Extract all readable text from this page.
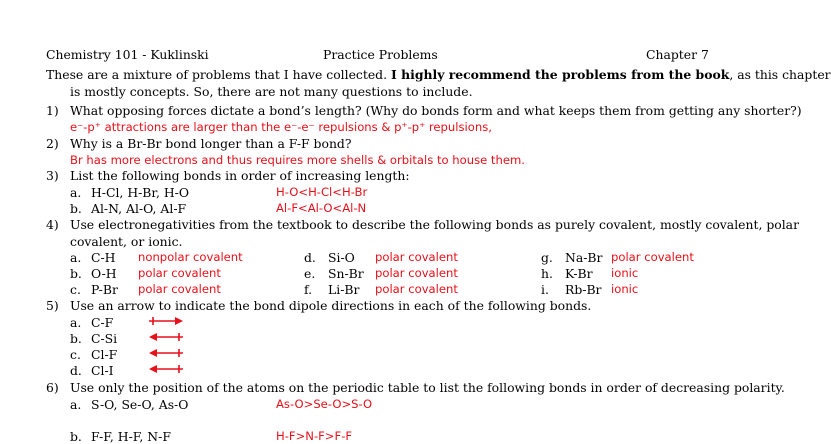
Chemistry 101 - Kuklinski	Practice Problems	Chapter 7
These are a mixture of problems that I have collected. I highly recommend the problems from the book, as this chapter
is mostly concepts. So, there are not many questions to include.
1) What opposing forces dictate a bond’s length? (Why do bonds form and what keeps them from getting any shorter?)
e⁻-p⁺ attractions are larger than the e⁻-e⁻ repulsions & p⁺-p⁺ repulsions,
2) Why is a Br-Br bond longer than a F-F bond?
Br has more electrons and thus requires more shells & orbitals to house them.
3) List the following bonds in order of increasing length:
a. H-Cl, H-Br, H-O	H-O<H-Cl<H-Br
b. Al-N, Al-O, Al-F	Al-F<Al-O<Al-N
4) Use electronegativities from the textbook to describe the following bonds as purely covalent, mostly covalent, polar
covalent, or ionic.
a. C-H nonpolar covalent
b. O-H polar covalent
c. P-Br polar covalent
d. Si-O polar covalent
e. Sn-Br polar covalent
f. Li-Br polar covalent
g. Na-Br polar covalent
h. K-Br ionic
i. Rb-Br ionic
5) Use an arrow to indicate the bond dipole directions in each of the following bonds.
a. C-F
b. C-Si
c. Cl-F
d. Cl-I
6) Use only the position of the atoms on the periodic table to list the following bonds in order of decreasing polarity.
a. S-O, Se-O, As-O	As-O>Se-O>S-O
b. F-F, H-F, N-F	H-F>N-F>F-F
